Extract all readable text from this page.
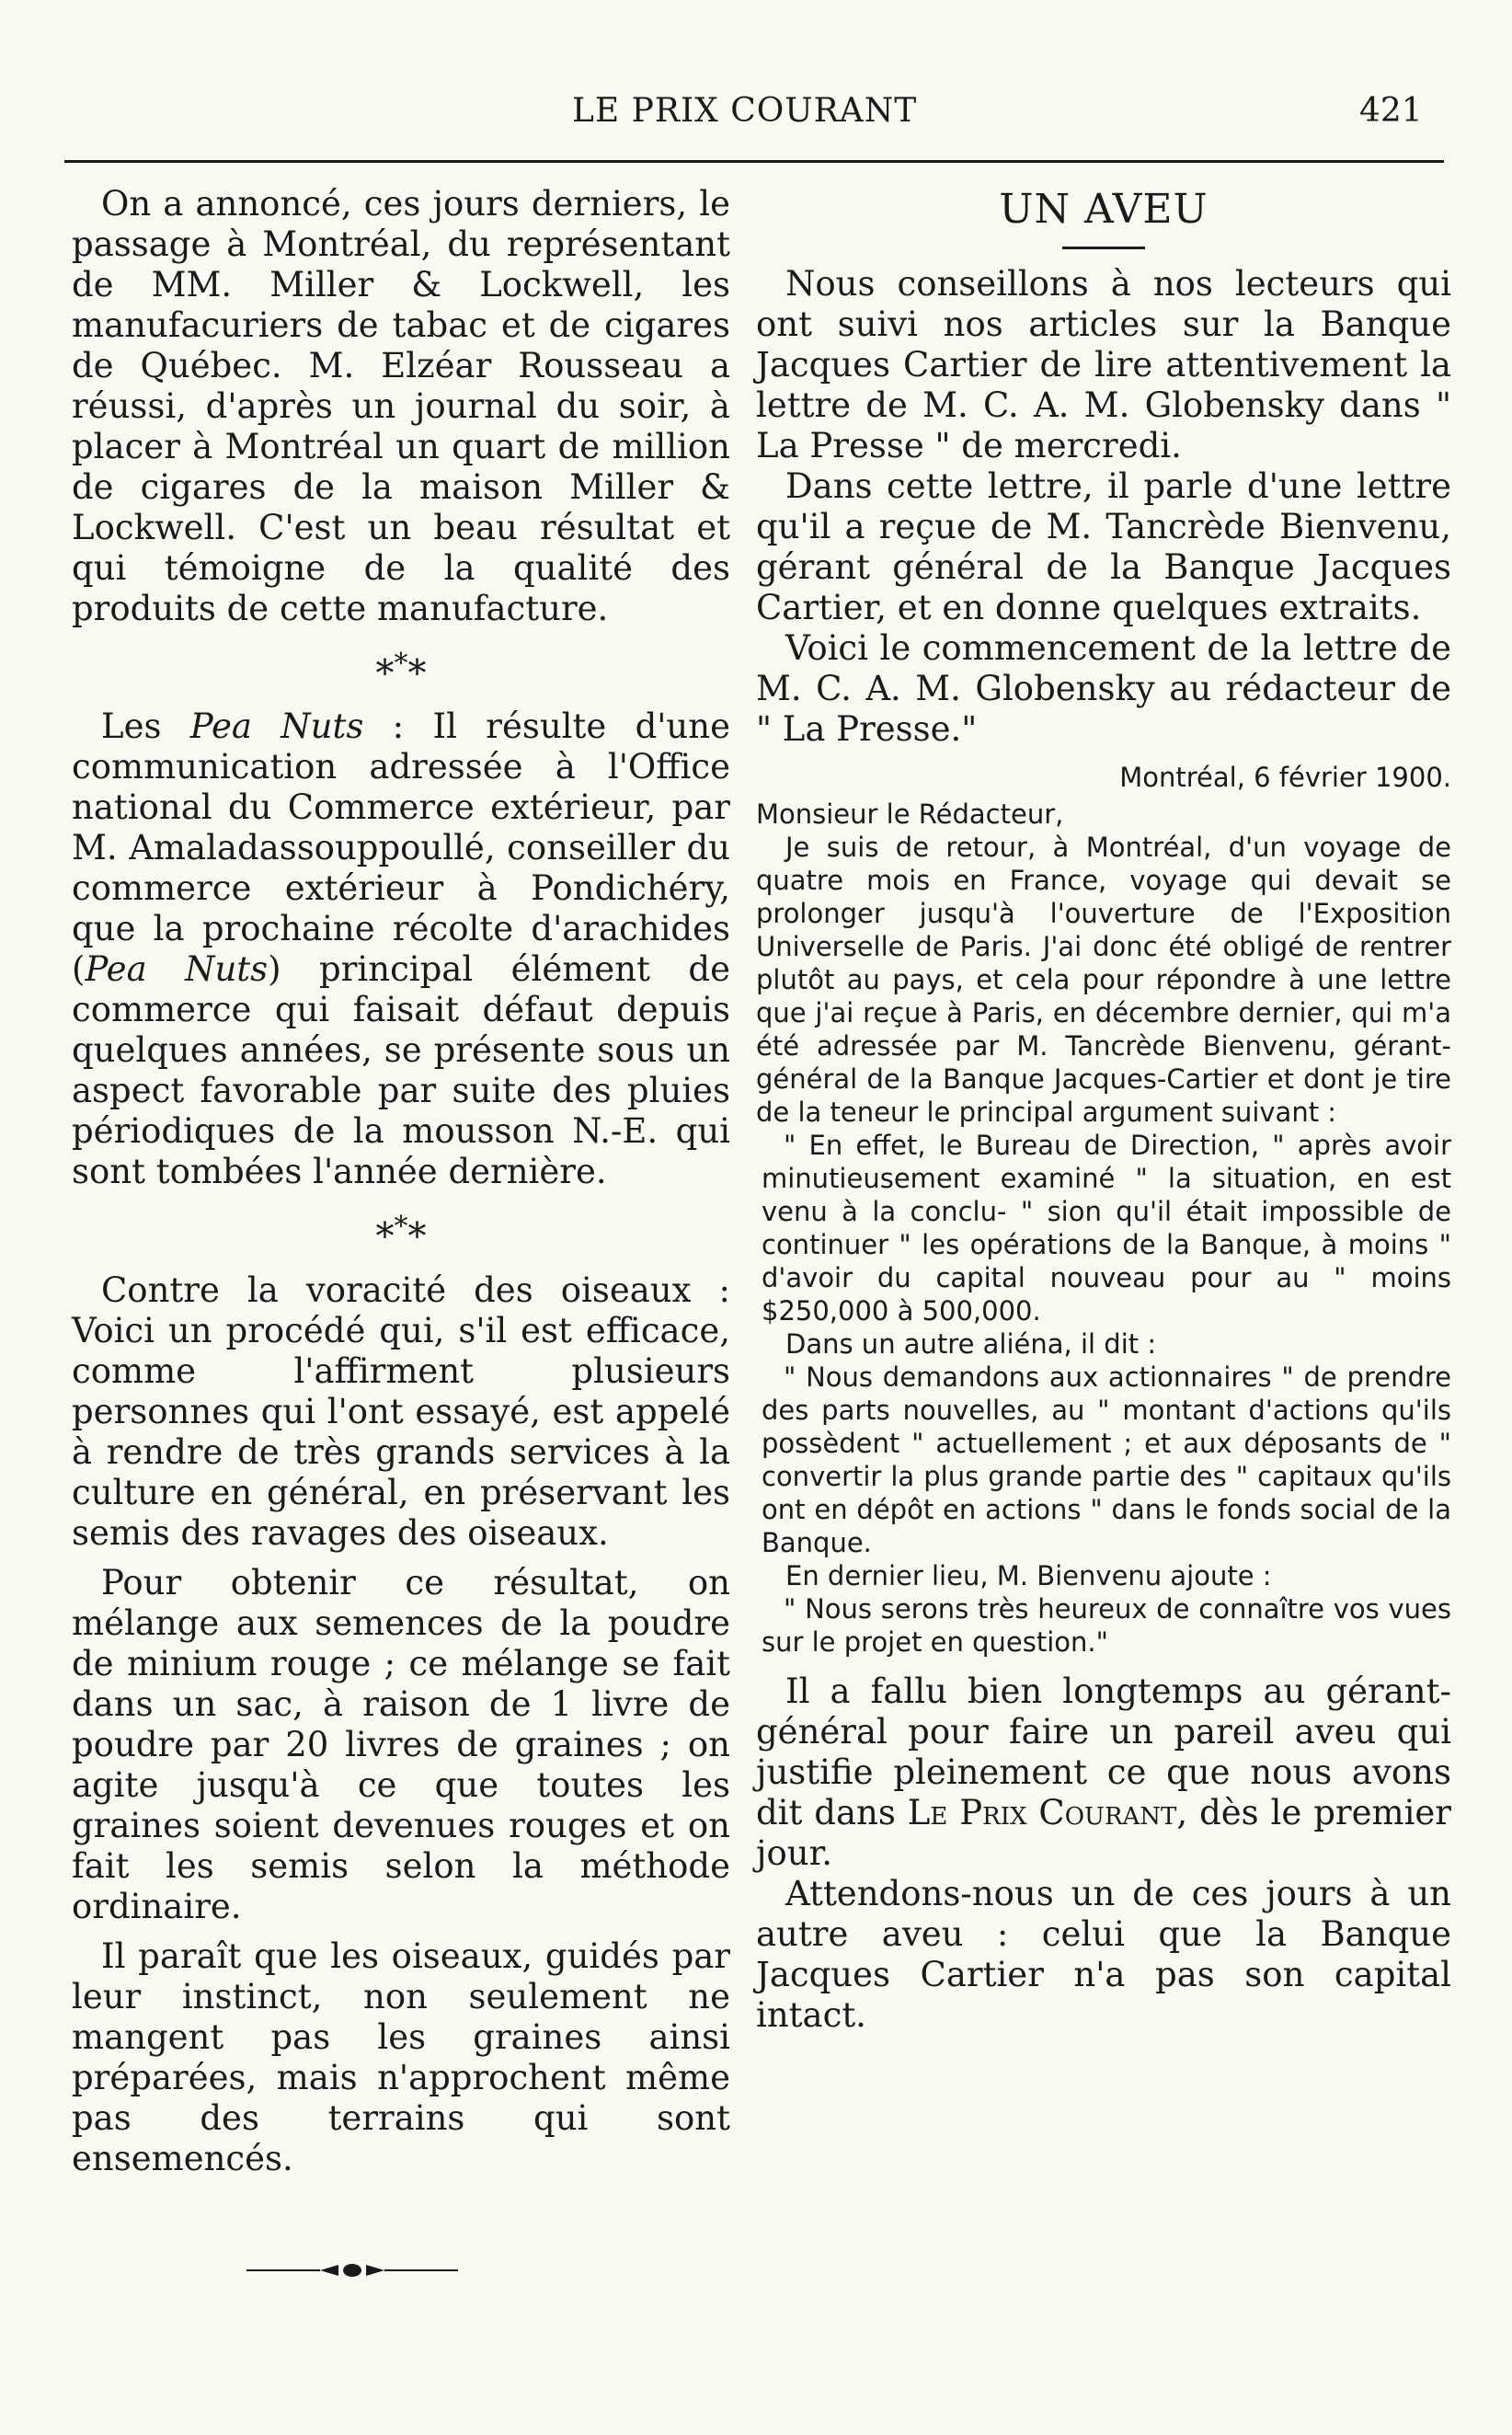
LE PRIX COURANT	421

On a annoncé, ces jours derniers, le passage à Montréal, du représentant de MM. Miller & Lockwell, les manufacuriers de tabac et de cigares de Québec. M. Elzéar Rousseau a réussi, d'après un journal du soir, à placer à Montréal un quart de million de cigares de la maison Miller & Lockwell. C'est un beau résultat et qui témoigne de la qualité des produits de cette manufacture.

***

Les Pea Nuts : Il résulte d'une communication adressée à l'Office national du Commerce extérieur, par M. Amaladassouppoullé, conseiller du commerce extérieur à Pondichéry, que la prochaine récolte d'arachides (Pea Nuts) principal élément de commerce qui faisait défaut depuis quelques années, se présente sous un aspect favorable par suite des pluies périodiques de la mousson N.-E. qui sont tombées l'année dernière.

***

Contre la voracité des oiseaux : Voici un procédé qui, s'il est efficace, comme l'affirment plusieurs personnes qui l'ont essayé, est appelé à rendre de très grands services à la culture en général, en préservant les semis des ravages des oiseaux.

Pour obtenir ce résultat, on mélange aux semences de la poudre de minium rouge ; ce mélange se fait dans un sac, à raison de 1 livre de poudre par 20 livres de graines ; on agite jusqu'à ce que toutes les graines soient devenues rouges et on fait les semis selon la méthode ordinaire.

Il paraît que les oiseaux, guidés par leur instinct, non seulement ne mangent pas les graines ainsi préparées, mais n'approchent même pas des terrains qui sont ensemencés.

UN AVEU

Nous conseillons à nos lecteurs qui ont suivi nos articles sur la Banque Jacques Cartier de lire attentivement la lettre de M. C. A. M. Globensky dans " La Presse " de mercredi.

Dans cette lettre, il parle d'une lettre qu'il a reçue de M. Tancrède Bienvenu, gérant général de la Banque Jacques Cartier, et en donne quelques extraits.

Voici le commencement de la lettre de M. C. A. M. Globensky au rédacteur de " La Presse."

Montréal, 6 février 1900.

Monsieur le Rédacteur,

Je suis de retour, à Montréal, d'un voyage de quatre mois en France, voyage qui devait se prolonger jusqu'à l'ouverture de l'Exposition Universelle de Paris. J'ai donc été obligé de rentrer plutôt au pays, et cela pour répondre à une lettre que j'ai reçue à Paris, en décembre dernier, qui m'a été adressée par M. Tancrède Bienvenu, gérant-général de la Banque Jacques-Cartier et dont je tire de la teneur le principal argument suivant :

" En effet, le Bureau de Direction, " après avoir minutieusement examiné " la situation, en est venu à la conclu- " sion qu'il était impossible de continuer " les opérations de la Banque, à moins " d'avoir du capital nouveau pour au " moins $250,000 à 500,000.

Dans un autre aliéna, il dit :

" Nous demandons aux actionnaires " de prendre des parts nouvelles, au " montant d'actions qu'ils possèdent " actuellement ; et aux déposants de " convertir la plus grande partie des " capitaux qu'ils ont en dépôt en actions " dans le fonds social de la Banque.

En dernier lieu, M. Bienvenu ajoute :

" Nous serons très heureux de connaître vos vues sur le projet en question."

Il a fallu bien longtemps au gérant-général pour faire un pareil aveu qui justifie pleinement ce que nous avons dit dans Le Prix Courant, dès le premier jour.

Attendons-nous un de ces jours à un autre aveu : celui que la Banque Jacques Cartier n'a pas son capital intact.
